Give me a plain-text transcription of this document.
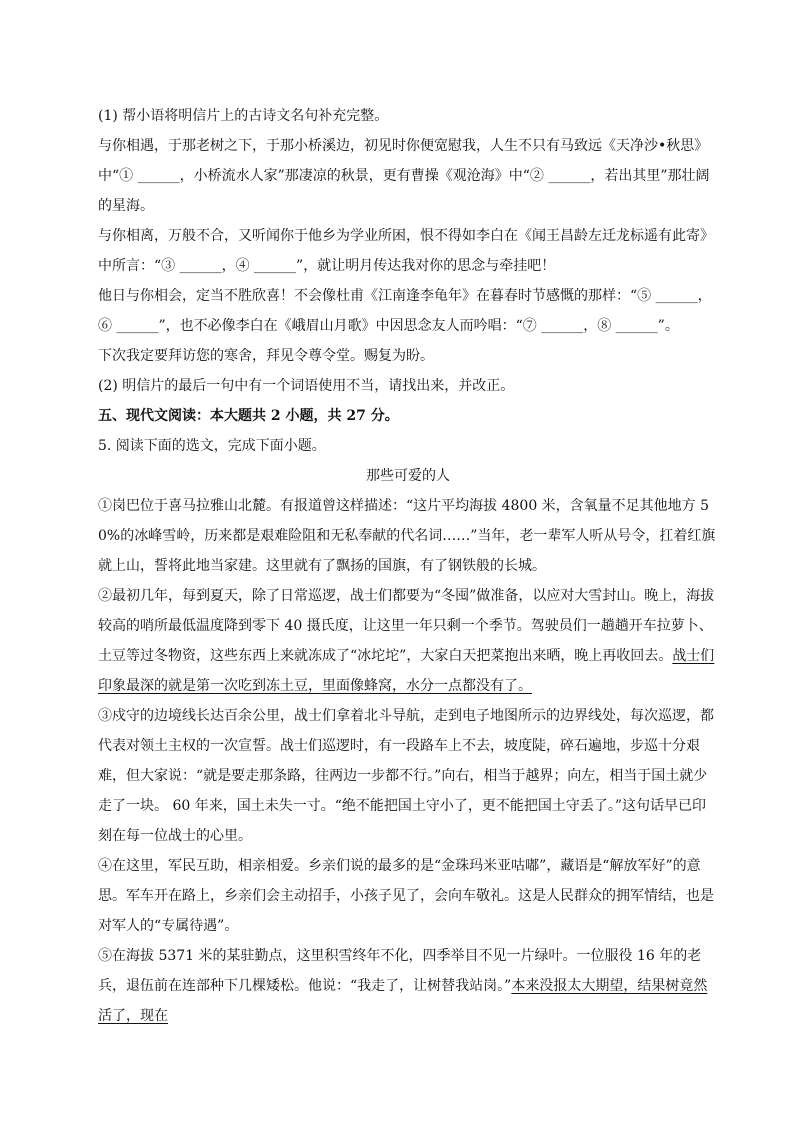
(1) 帮小语将明信片上的古诗文名句补充完整。

与你相遇，于那老树之下，于那小桥溪边，初见时你便宽慰我，人生不只有马致远《天净沙•秋思》中“① ______，小桥流水人家”那凄凉的秋景，更有曹操《观沧海》中“② ______，若出其里”那壮阔的星海。

与你相离，万般不合，又听闻你于他乡为学业所困，恨不得如李白在《闻王昌龄左迁龙标遥有此寄》中所言：“③ ______，④ ______”，就让明月传达我对你的思念与牵挂吧！

他日与你相会，定当不胜欣喜！不会像杜甫《江南逢李龟年》在暮春时节感慨的那样：“⑤ ______，⑥ ______”，也不必像李白在《峨眉山月歌》中因思念友人而吟唱：“⑦ ______，⑧ ______”。

下次我定要拜访您的寒舍，拜见令尊令堂。赐复为盼。

(2) 明信片的最后一句中有一个词语使用不当，请找出来，并改正。

五、现代文阅读：本大题共 2 小题，共 27 分。

5. 阅读下面的选文，完成下面小题。

那些可爱的人

①岗巴位于喜马拉雅山北麓。有报道曾这样描述：“这片平均海拔 4800 米，含氧量不足其他地方 50%的冰峰雪岭，历来都是艰难险阻和无私奉献的代名词……”当年，老一辈军人听从号令，扛着红旗就上山，誓将此地当家建。这里就有了飘扬的国旗，有了钢铁般的长城。

②最初几年，每到夏天，除了日常巡逻，战士们都要为“冬囤”做准备，以应对大雪封山。晚上，海拔较高的哨所最低温度降到零下 40 摄氏度，让这里一年只剩一个季节。驾驶员们一趟趟开车拉萝卜、土豆等过冬物资，这些东西上来就冻成了“冰坨坨”，大家白天把菜抱出来晒，晚上再收回去。战士们印象最深的就是第一次吃到冻土豆，里面像蜂窝，水分一点都没有了。

③戍守的边境线长达百余公里，战士们拿着北斗导航，走到电子地图所示的边界线处，每次巡逻，都代表对领土主权的一次宣誓。战士们巡逻时，有一段路车上不去，坡度陡，碎石遍地，步巡十分艰难，但大家说：“就是要走那条路，往两边一步都不行。”向右，相当于越界；向左，相当于国土就少走了一块。 60 年来，国土未失一寸。“绝不能把国土守小了，更不能把国土守丢了。”这句话早已印刻在每一位战士的心里。

④在这里，军民互助，相亲相爱。乡亲们说的最多的是“金珠玛米亚咕嘟”，藏语是“解放军好”的意思。军车开在路上，乡亲们会主动招手，小孩子见了，会向车敬礼。这是人民群众的拥军情结，也是对军人的“专属待遇”。

⑤在海拔 5371 米的某驻勤点，这里积雪终年不化，四季举目不见一片绿叶。一位服役 16 年的老兵，退伍前在连部种下几棵矮松。他说：“我走了，让树替我站岗。”本来没报太大期望，结果树竟然活了，现在
